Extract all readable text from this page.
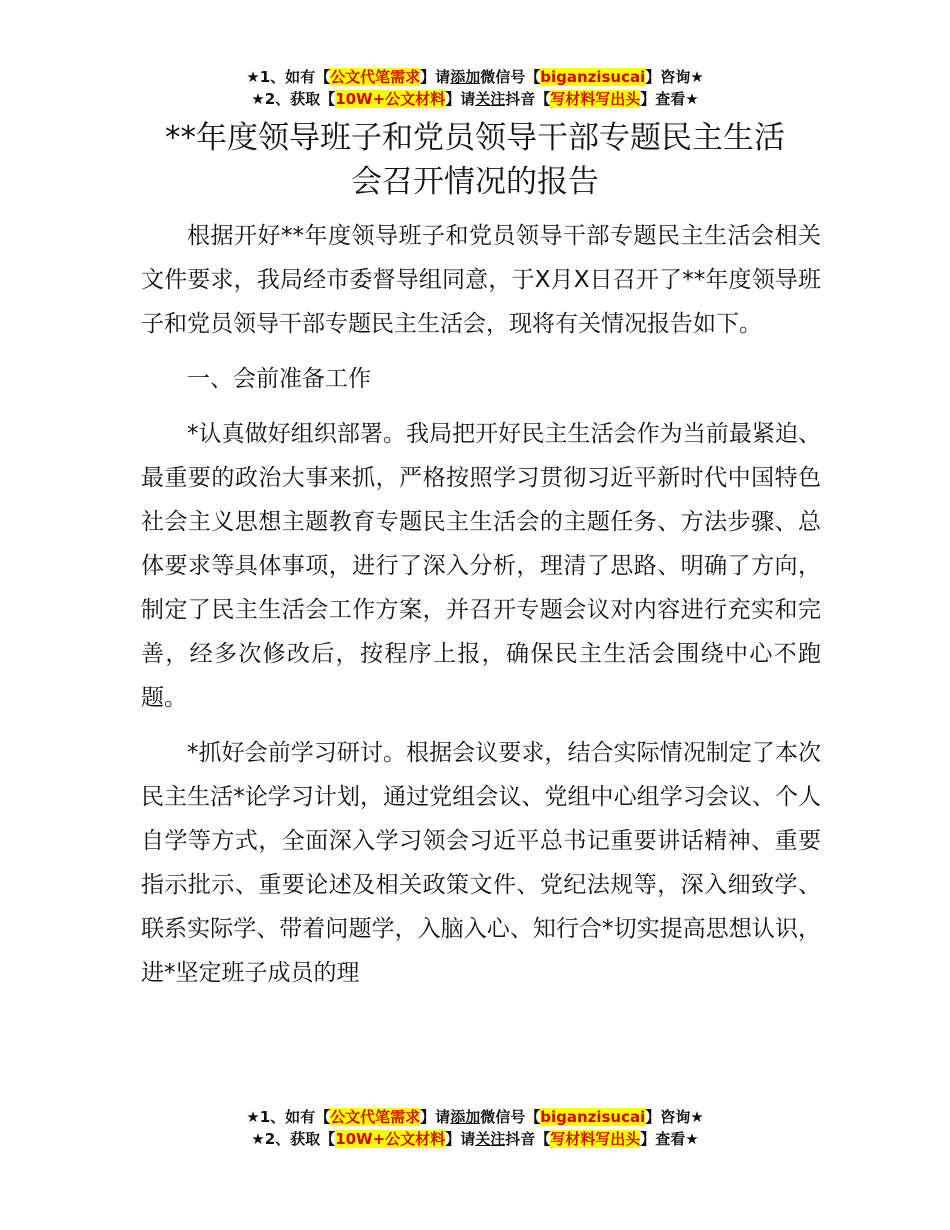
★1、如有【公文代笔需求】请添加微信号【biganzisucai】咨询★
★2、获取【10W+公文材料】请关注抖音【写材料写出头】查看★
**年度领导班子和党员领导干部专题民主生活
会召开情况的报告

根据开好**年度领导班子和党员领导干部专题民主生活会相关文件要求，我局经市委督导组同意，于X月X日召开了**年度领导班子和党员领导干部专题民主生活会，现将有关情况报告如下。

一、会前准备工作

*认真做好组织部署。我局把开好民主生活会作为当前最紧迫、最重要的政治大事来抓，严格按照学习贯彻习近平新时代中国特色社会主义思想主题教育专题民主生活会的主题任务、方法步骤、总体要求等具体事项，进行了深入分析，理清了思路、明确了方向，制定了民主生活会工作方案，并召开专题会议对内容进行充实和完善，经多次修改后，按程序上报，确保民主生活会围绕中心不跑题。

*抓好会前学习研讨。根据会议要求，结合实际情况制定了本次民主生活*论学习计划，通过党组会议、党组中心组学习会议、个人自学等方式，全面深入学习领会习近平总书记重要讲话精神、重要指示批示、重要论述及相关政策文件、党纪法规等，深入细致学、联系实际学、带着问题学，入脑入心、知行合*切实提高思想认识，进*坚定班子成员的理

★1、如有【公文代笔需求】请添加微信号【biganzisucai】咨询★
★2、获取【10W+公文材料】请关注抖音【写材料写出头】查看★
